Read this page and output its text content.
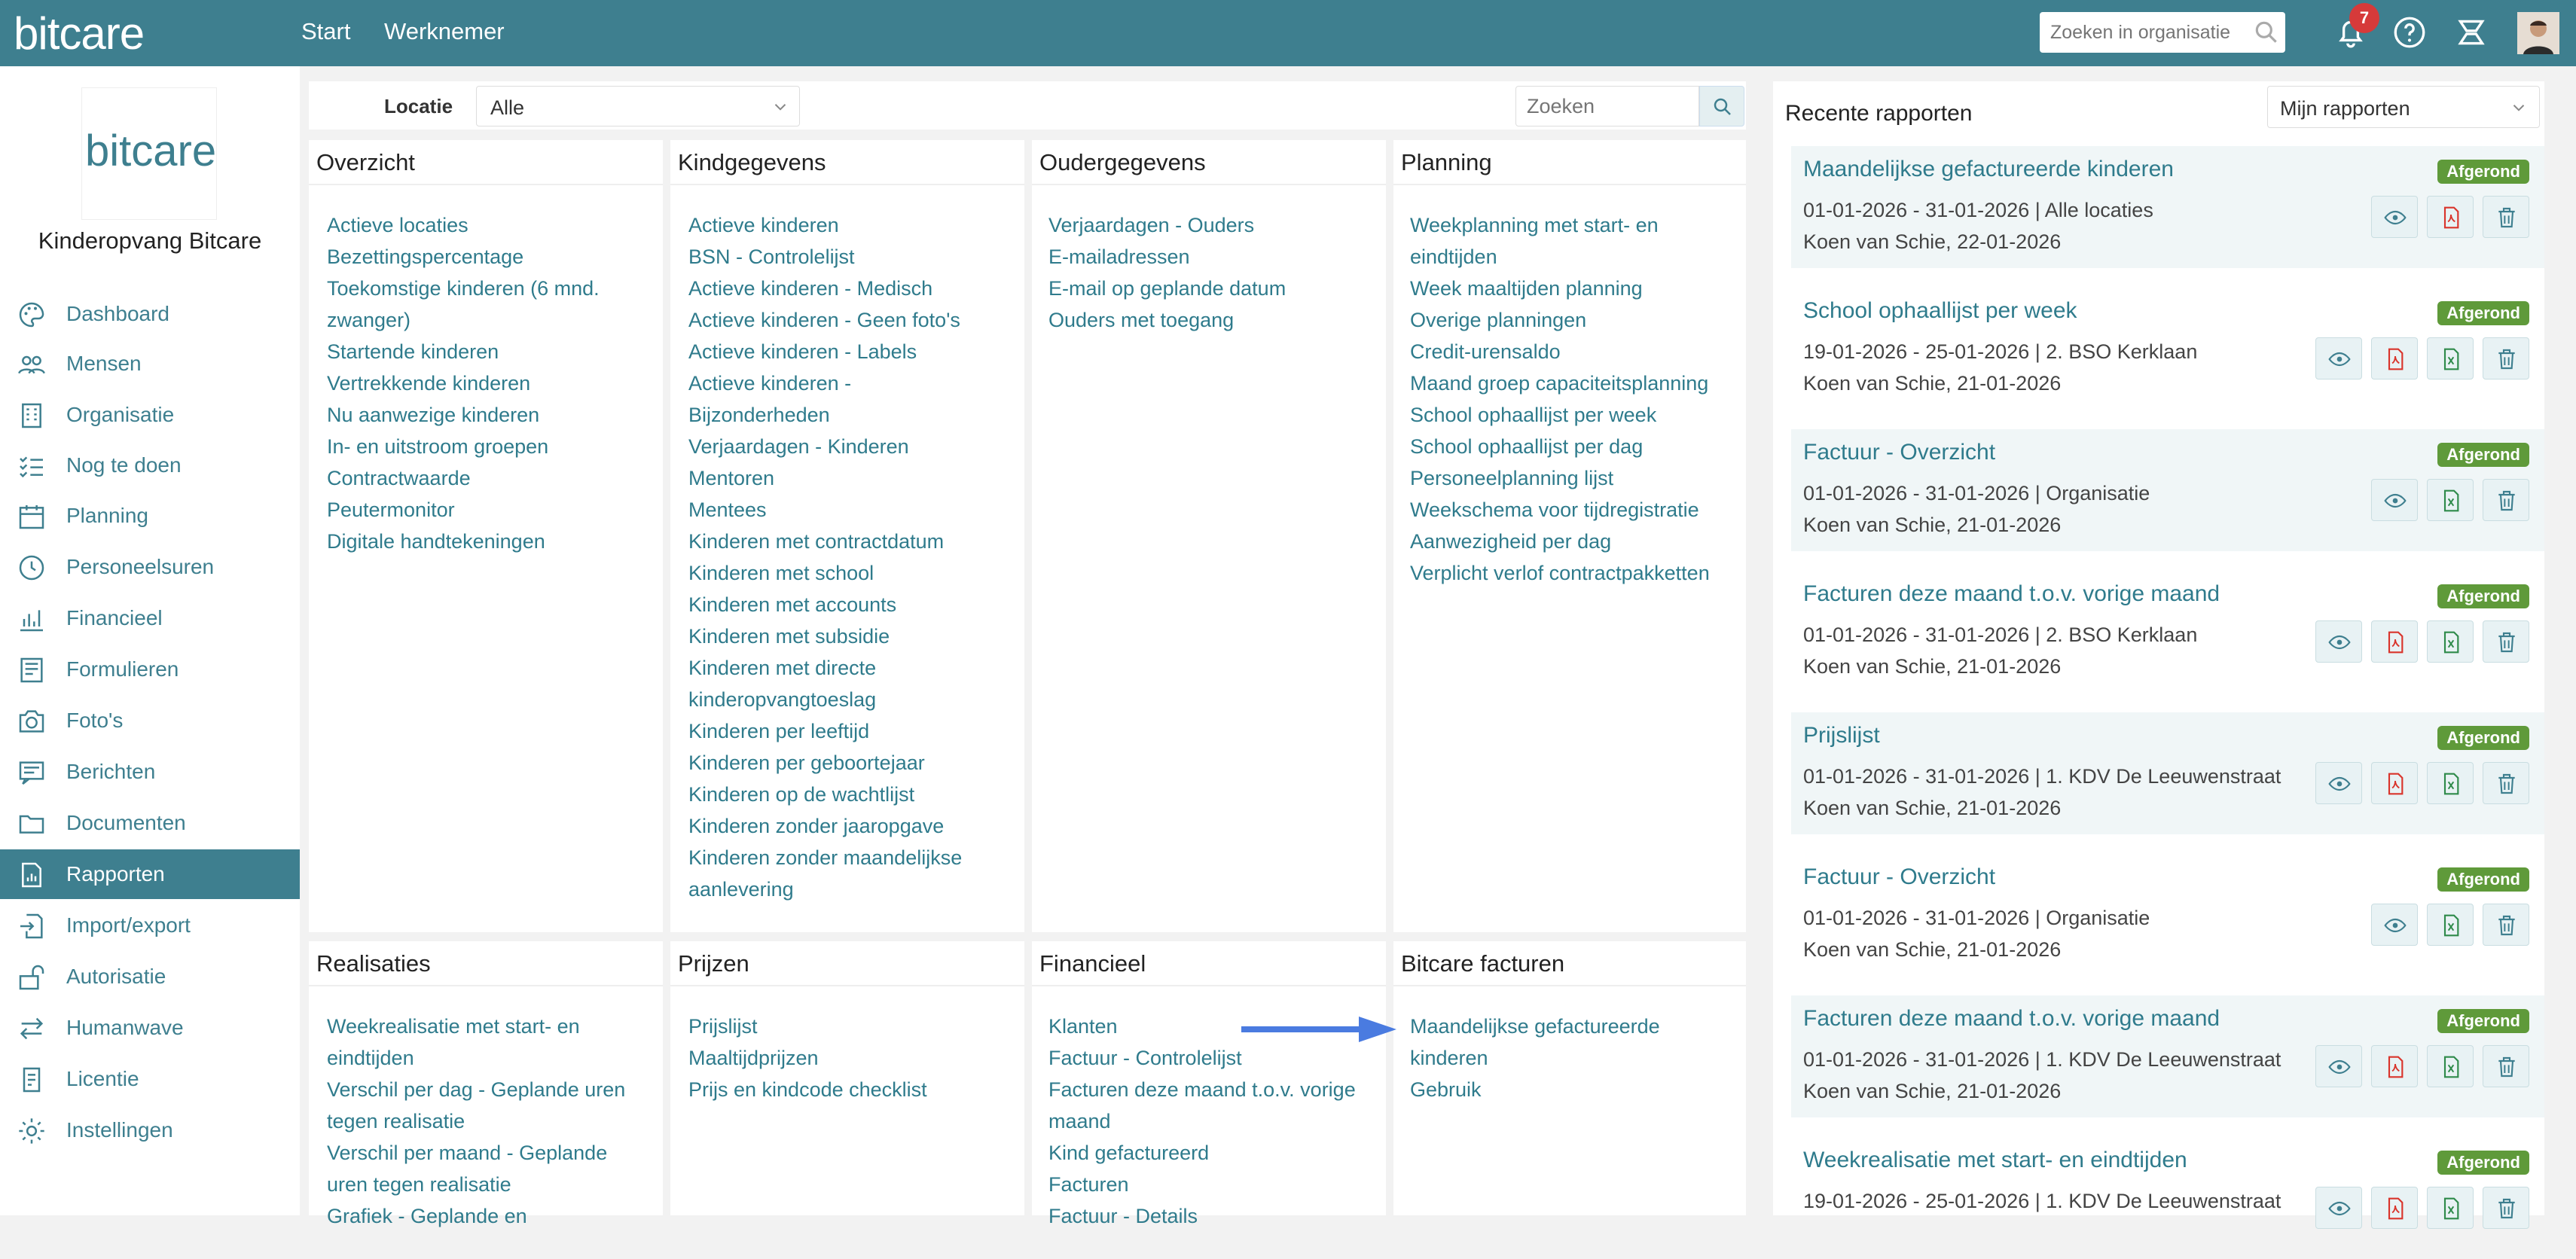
bitcare	Start Werknemer
Zoeken in organisatie
7
bitcare
Kinderopvang Bitcare
Dashboard
Mensen
Organisatie
Nog te doen
Planning
Personeelsuren
Financieel
Formulieren
Foto's
Berichten
Documenten
Rapporten
Import/export
Autorisatie
Humanwave
Licentie
Instellingen
Locatie Alle
Zoeken
Overzicht
Actieve locaties
Bezettingspercentage
Toekomstige kinderen (6 mnd. zwanger)
Startende kinderen
Vertrekkende kinderen
Nu aanwezige kinderen
In- en uitstroom groepen
Contractwaarde
Peutermonitor
Digitale handtekeningen
Kindgegevens
Actieve kinderen
BSN - Controlelijst
Actieve kinderen - Medisch
Actieve kinderen - Geen foto's
Actieve kinderen - Labels
Actieve kinderen - Bijzonderheden
Verjaardagen - Kinderen
Mentoren
Mentees
Kinderen met contractdatum
Kinderen met school
Kinderen met accounts
Kinderen met subsidie
Kinderen met directe kinderopvangtoeslag
Kinderen per leeftijd
Kinderen per geboortejaar
Kinderen op de wachtlijst
Kinderen zonder jaaropgave
Kinderen zonder maandelijkse aanlevering
Oudergegevens
Verjaardagen - Ouders
E-mailadressen
E-mail op geplande datum
Ouders met toegang
Planning
Weekplanning met start- en eindtijden
Week maaltijden planning
Overige planningen
Credit-urensaldo
Maand groep capaciteitsplanning
School ophaallijst per week
School ophaallijst per dag
Personeelplanning lijst
Weekschema voor tijdregistratie
Aanwezigheid per dag
Verplicht verlof contractpakketten
Realisaties
Weekrealisatie met start- en eindtijden
Verschil per dag - Geplande uren tegen realisatie
Verschil per maand - Geplande uren tegen realisatie
Grafiek - Geplande en
Prijzen
Prijslijst
Maaltijdprijzen
Prijs en kindcode checklist
Financieel
Klanten
Factuur - Controlelijst
Facturen deze maand t.o.v. vorige maand
Kind gefactureerd
Facturen
Factuur - Details
Bitcare facturen
Maandelijkse gefactureerde kinderen
Gebruik
Recente rapporten	Mijn rapporten
Maandelijkse gefactureerde kinderen	Afgerond
01-01-2026 - 31-01-2026 | Alle locaties
Koen van Schie, 22-01-2026
School ophaallijst per week	Afgerond
19-01-2026 - 25-01-2026 | 2. BSO Kerklaan
Koen van Schie, 21-01-2026
Factuur - Overzicht	Afgerond
01-01-2026 - 31-01-2026 | Organisatie
Koen van Schie, 21-01-2026
Facturen deze maand t.o.v. vorige maand	Afgerond
01-01-2026 - 31-01-2026 | 2. BSO Kerklaan
Koen van Schie, 21-01-2026
Prijslijst	Afgerond
01-01-2026 - 31-01-2026 | 1. KDV De Leeuwenstraat
Koen van Schie, 21-01-2026
Factuur - Overzicht	Afgerond
01-01-2026 - 31-01-2026 | Organisatie
Koen van Schie, 21-01-2026
Facturen deze maand t.o.v. vorige maand	Afgerond
01-01-2026 - 31-01-2026 | 1. KDV De Leeuwenstraat
Koen van Schie, 21-01-2026
Weekrealisatie met start- en eindtijden	Afgerond
19-01-2026 - 25-01-2026 | 1. KDV De Leeuwenstraat
